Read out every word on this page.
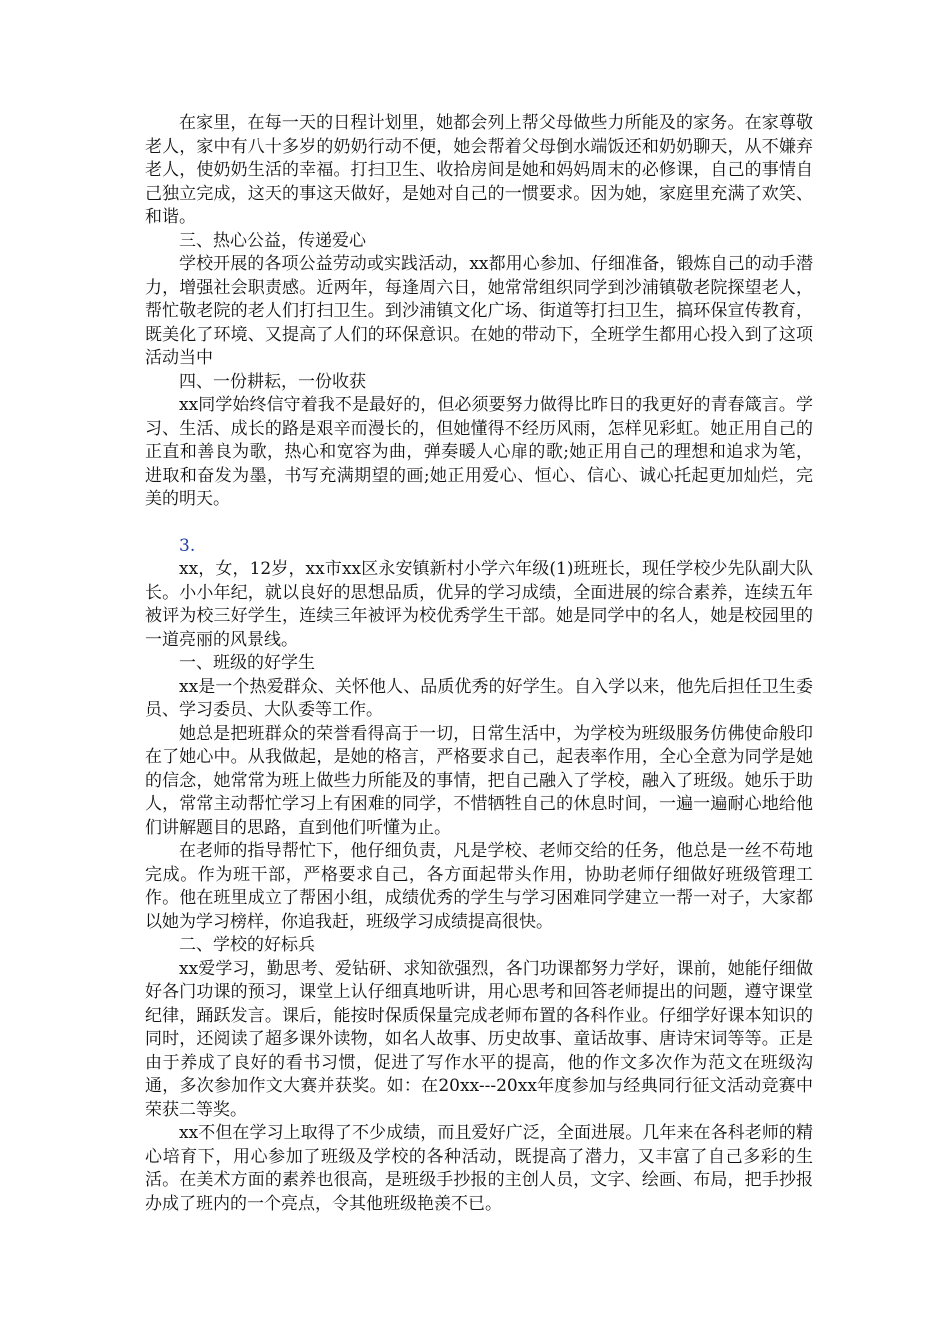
在家里，在每一天的日程计划里，她都会列上帮父母做些力所能及的家务。在家尊敬老人，家中有八十多岁的奶奶行动不便，她会帮着父母倒水端饭还和奶奶聊天，从不嫌弃老人，使奶奶生活的幸福。打扫卫生、收拾房间是她和妈妈周末的必修课，自己的事情自己独立完成，这天的事这天做好，是她对自己的一惯要求。因为她，家庭里充满了欢笑、和谐。

三、热心公益，传递爱心

学校开展的各项公益劳动或实践活动，xx都用心参加、仔细准备，锻炼自己的动手潜力，增强社会职责感。近两年，每逢周六日，她常常组织同学到沙浦镇敬老院探望老人，帮忙敬老院的老人们打扫卫生。到沙浦镇文化广场、街道等打扫卫生，搞环保宣传教育，既美化了环境、又提高了人们的环保意识。在她的带动下，全班学生都用心投入到了这项活动当中

四、一份耕耘，一份收获

xx同学始终信守着我不是最好的，但必须要努力做得比昨日的我更好的青春箴言。学习、生活、成长的路是艰辛而漫长的，但她懂得不经历风雨，怎样见彩虹。她正用自己的正直和善良为歌，热心和宽容为曲，弹奏暖人心扉的歌;她正用自己的理想和追求为笔，进取和奋发为墨，书写充满期望的画;她正用爱心、恒心、信心、诚心托起更加灿烂，完美的明天。

3.

xx，女，12岁，xx市xx区永安镇新村小学六年级(1)班班长，现任学校少先队副大队长。小小年纪，就以良好的思想品质，优异的学习成绩，全面进展的综合素养，连续五年被评为校三好学生，连续三年被评为校优秀学生干部。她是同学中的名人，她是校园里的一道亮丽的风景线。

一、班级的好学生

xx是一个热爱群众、关怀他人、品质优秀的好学生。自入学以来，他先后担任卫生委员、学习委员、大队委等工作。

她总是把班群众的荣誉看得高于一切，日常生活中，为学校为班级服务仿佛使命般印在了她心中。从我做起，是她的格言，严格要求自己，起表率作用，全心全意为同学是她的信念，她常常为班上做些力所能及的事情，把自己融入了学校，融入了班级。她乐于助人，常常主动帮忙学习上有困难的同学，不惜牺牲自己的休息时间，一遍一遍耐心地给他们讲解题目的思路，直到他们听懂为止。

在老师的指导帮忙下，他仔细负责，凡是学校、老师交给的任务，他总是一丝不苟地完成。作为班干部，严格要求自己，各方面起带头作用，协助老师仔细做好班级管理工作。他在班里成立了帮困小组，成绩优秀的学生与学习困难同学建立一帮一对子，大家都以她为学习榜样，你追我赶，班级学习成绩提高很快。

二、学校的好标兵

xx爱学习，勤思考、爱钻研、求知欲强烈，各门功课都努力学好，课前，她能仔细做好各门功课的预习，课堂上认仔细真地听讲，用心思考和回答老师提出的问题，遵守课堂纪律，踊跃发言。课后，能按时保质保量完成老师布置的各科作业。仔细学好课本知识的同时，还阅读了超多课外读物，如名人故事、历史故事、童话故事、唐诗宋词等等。正是由于养成了良好的看书习惯，促进了写作水平的提高，他的作文多次作为范文在班级沟通，多次参加作文大赛并获奖。如：在20xx---20xx年度参加与经典同行征文活动竞赛中荣获二等奖。

xx不但在学习上取得了不少成绩，而且爱好广泛，全面进展。几年来在各科老师的精心培育下，用心参加了班级及学校的各种活动，既提高了潜力，又丰富了自己多彩的生活。在美术方面的素养也很高，是班级手抄报的主创人员，文字、绘画、布局，把手抄报办成了班内的一个亮点，令其他班级艳羡不已。
